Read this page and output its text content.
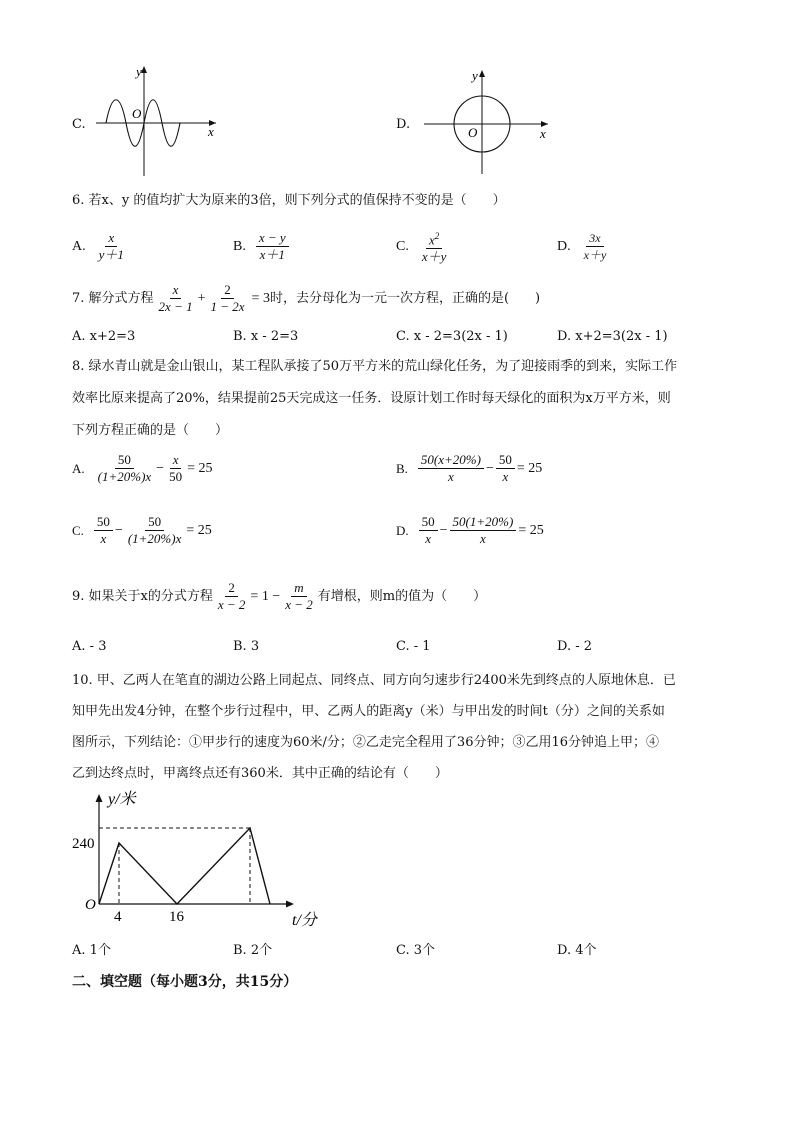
C.
y
x
O
D.
y
x
O
6. 若x、y 的值均扩大为原来的3倍，则下列分式的值保持不变的是（　　）
A. $\frac{x}{y+1}$	B. $\frac{x - y}{x+1}$	C. $\frac{x^2}{x+y}$	D. $\frac{3x}{x+y}$
7. 解分式方程 $\frac{x}{2x - 1} + \frac{2}{1 - 2x} = 3$ 时，去分母化为一元一次方程，正确的是(　　)
A. x+2=3	B. x - 2=3	C. x - 2=3(2x - 1)	D. x+2=3(2x - 1)
8. 绿水青山就是金山银山，某工程队承接了50万平方米的荒山绿化任务，为了迎接雨季的到来，实际工作
效率比原来提高了20%，结果提前25天完成这一任务．设原计划工作时每天绿化的面积为x万平方米，则
下列方程正确的是（　　）
A. $\frac{50}{(1+20\%)x} - \frac{x}{50} = 25$	B. $\frac{50(x+20\%)}{x} - \frac{50}{x} = 25$
C. $\frac{50}{x} - \frac{50}{(1+20\%)x} = 25$	D. $\frac{50}{x} - \frac{50(1+20\%)}{x} = 25$
9. 如果关于x的分式方程 $\frac{2}{x - 2} = 1 - \frac{m}{x - 2}$ 有增根，则m的值为（　　）
A. - 3	B. 3	C. - 1	D. - 2
10. 甲、乙两人在笔直的湖边公路上同起点、同终点、同方向匀速步行2400米先到终点的人原地休息．已
知甲先出发4分钟，在整个步行过程中，甲、乙两人的距离y（米）与甲出发的时间t（分）之间的关系如
图所示，下列结论：①甲步行的速度为60米/分；②乙走完全程用了36分钟；③乙用16分钟追上甲；④
乙到达终点时，甲离终点还有360米．其中正确的结论有（　　）
y/米
240
O
4	16	t/分
A. 1个	B. 2个	C. 3个	D. 4个
二、填空题（每小题3分，共15分）
